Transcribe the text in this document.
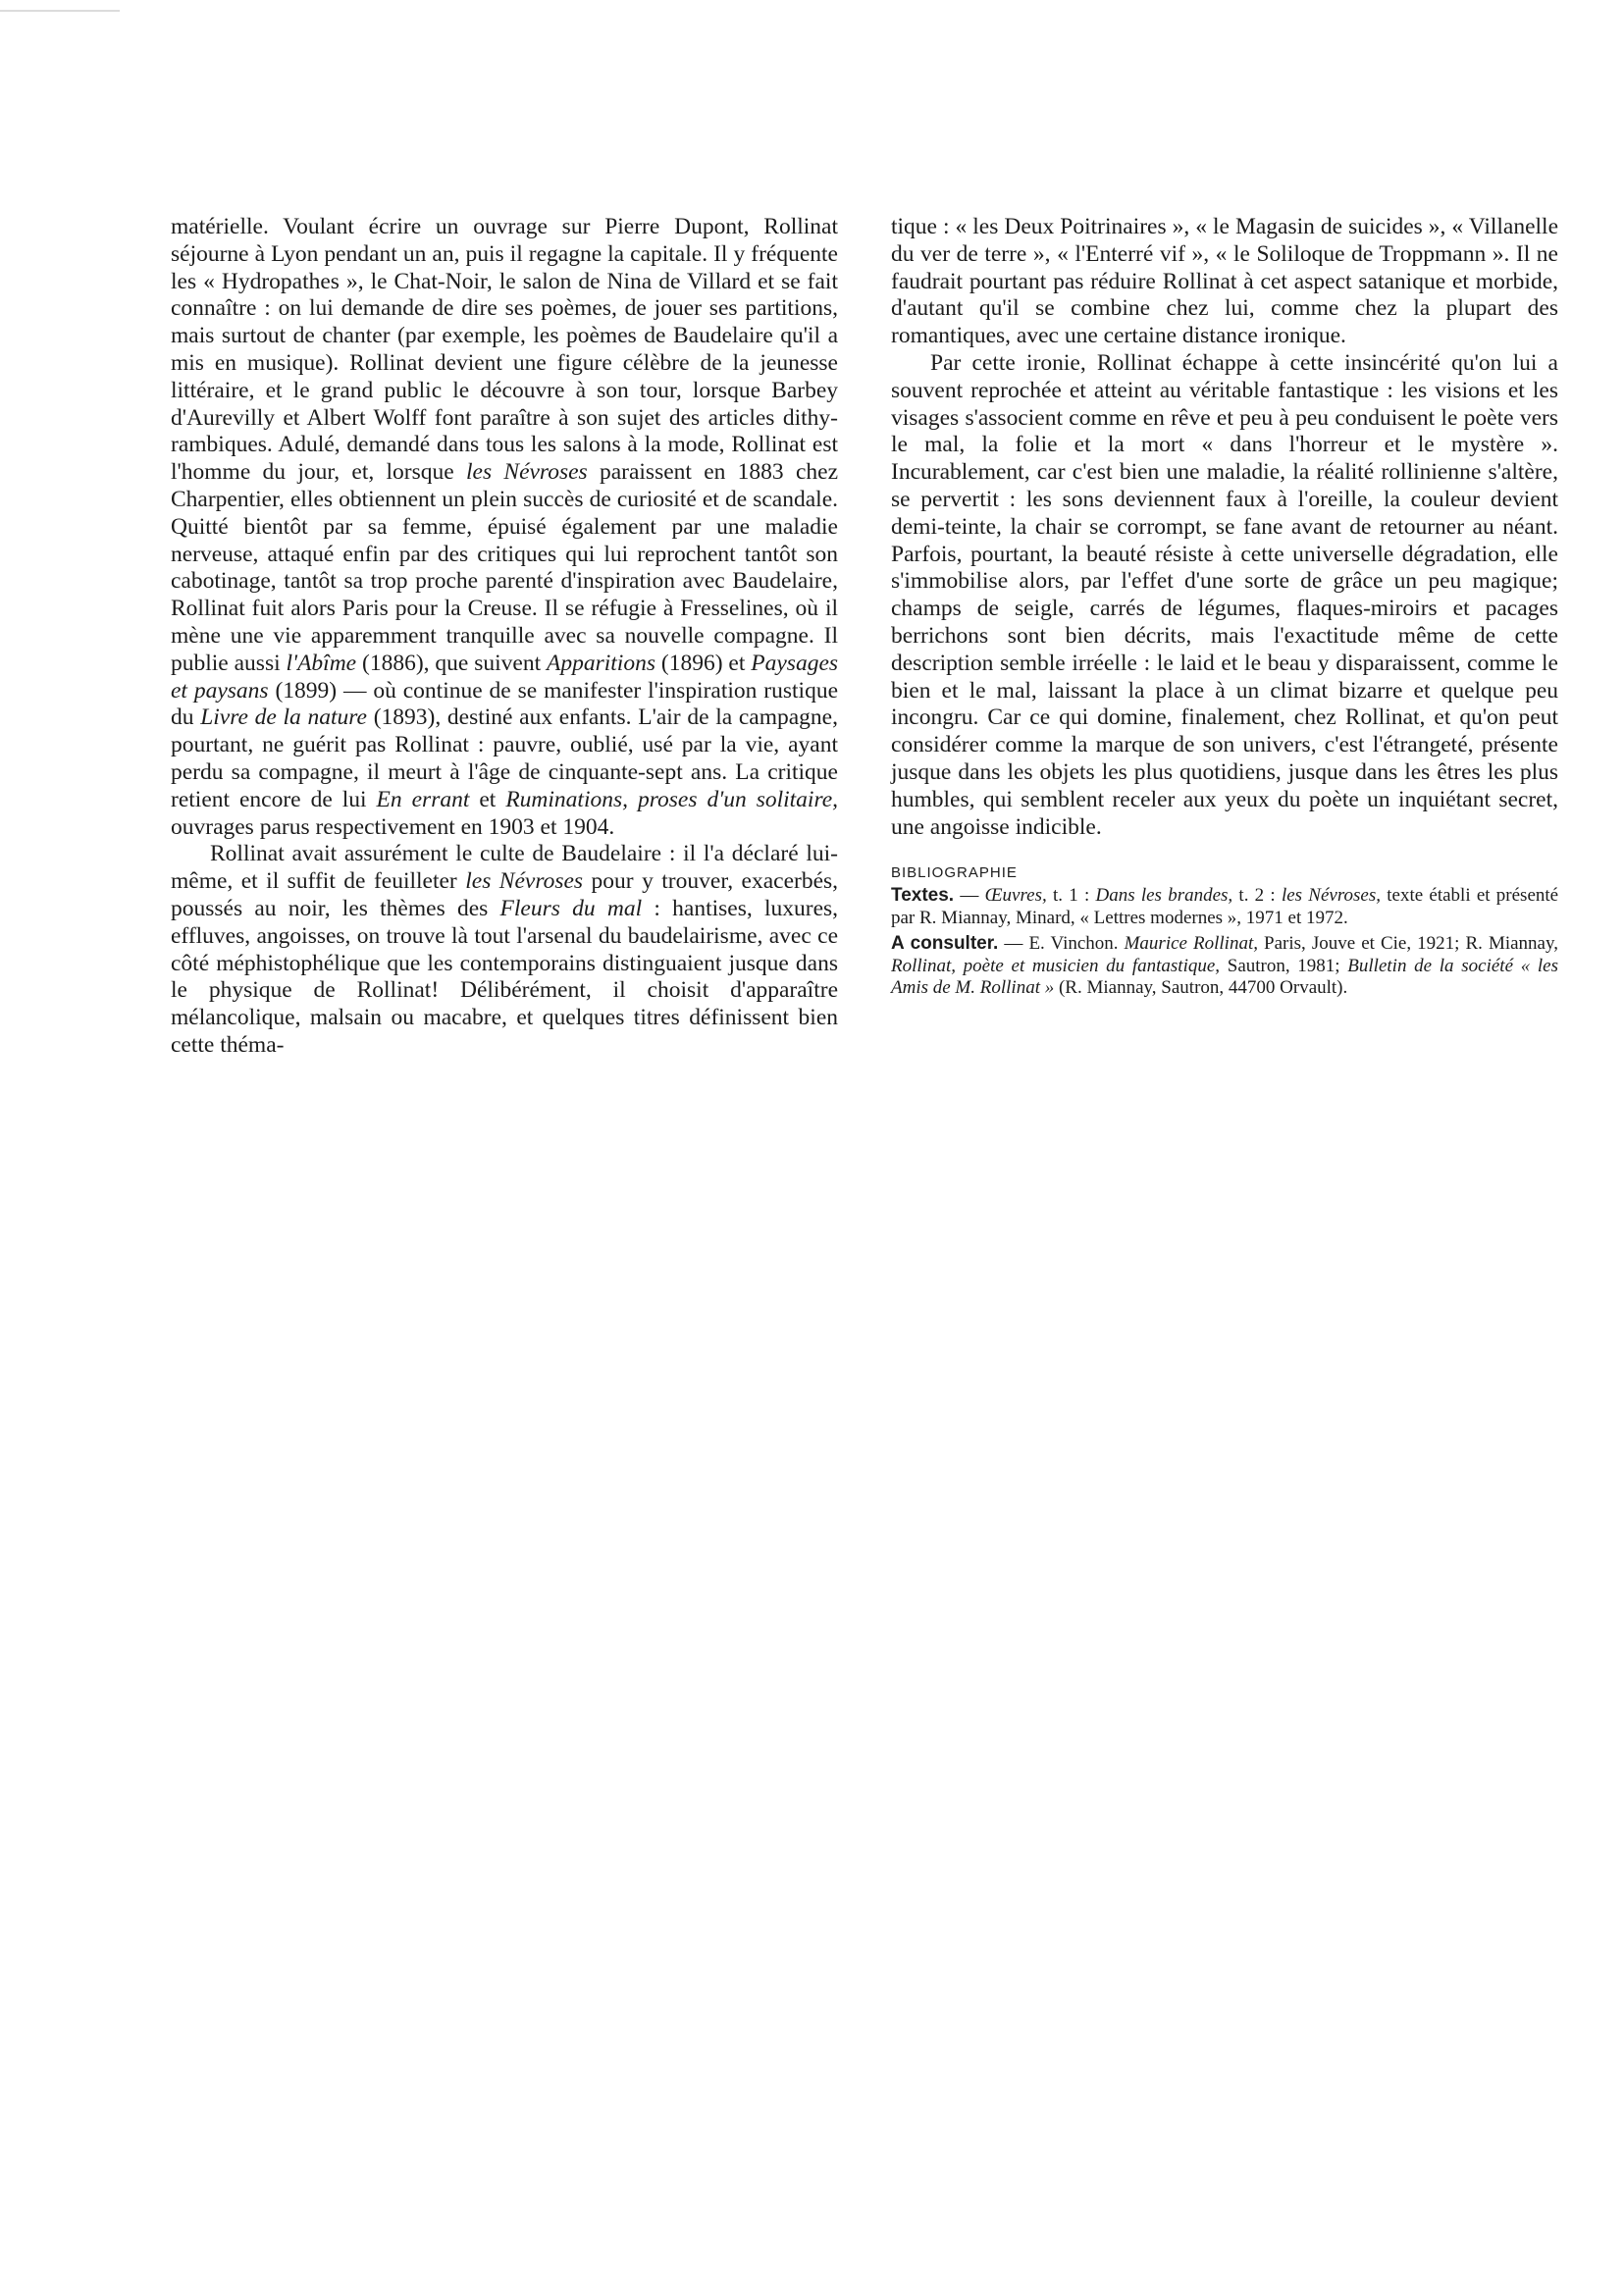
matérielle. Voulant écrire un ouvrage sur Pierre Dupont, Rollinat séjourne à Lyon pendant un an, puis il regagne la capitale. Il y fréquente les « Hydropathes », le Chat-Noir, le salon de Nina de Villard et se fait connaître : on lui demande de dire ses poèmes, de jouer ses partitions, mais surtout de chanter (par exemple, les poèmes de Baudelaire qu'il a mis en musique). Rollinat devient une figure célèbre de la jeunesse littéraire, et le grand public le découvre à son tour, lorsque Barbey d'Aurevilly et Albert Wolff font paraître à son sujet des articles dithy-rambiques. Adulé, demandé dans tous les salons à la mode, Rollinat est l'homme du jour, et, lorsque les Névroses paraissent en 1883 chez Charpentier, elles obtiennent un plein succès de curiosité et de scandale. Quitté bientôt par sa femme, épuisé également par une maladie nerveuse, attaqué enfin par des critiques qui lui reprochent tantôt son cabotinage, tantôt sa trop proche parenté d'inspiration avec Baudelaire, Rollinat fuit alors Paris pour la Creuse. Il se réfugie à Fresselines, où il mène une vie apparemment tranquille avec sa nouvelle compagne. Il publie aussi l'Abîme (1886), que suivent Apparitions (1896) et Paysages et paysans (1899) — où continue de se manifester l'inspiration rustique du Livre de la nature (1893), destiné aux enfants. L'air de la campagne, pourtant, ne guérit pas Rollinat : pauvre, oublié, usé par la vie, ayant perdu sa compagne, il meurt à l'âge de cinquante-sept ans. La critique retient encore de lui En errant et Ruminations, proses d'un solitaire, ouvrages parus respectivement en 1903 et 1904.

Rollinat avait assurément le culte de Baudelaire : il l'a déclaré lui-même, et il suffit de feuilleter les Névroses pour y trouver, exacerbés, poussés au noir, les thèmes des Fleurs du mal : hantises, luxures, effluves, angoisses, on trouve là tout l'arsenal du baudelairisme, avec ce côté méphistophélique que les contemporains distinguaient jusque dans le physique de Rollinat! Délibérément, il choisit d'apparaître mélancolique, malsain ou macabre, et quelques titres définissent bien cette théma-

tique : « les Deux Poitrinaires », « le Magasin de suicides », « Villanelle du ver de terre », « l'Enterré vif », « le Soliloque de Troppmann ». Il ne faudrait pourtant pas réduire Rollinat à cet aspect satanique et morbide, d'autant qu'il se combine chez lui, comme chez la plupart des romantiques, avec une certaine distance ironique.

Par cette ironie, Rollinat échappe à cette insincérité qu'on lui a souvent reprochée et atteint au véritable fantastique : les visions et les visages s'associent comme en rêve et peu à peu conduisent le poète vers le mal, la folie et la mort « dans l'horreur et le mystère ». Incurablement, car c'est bien une maladie, la réalité rollinienne s'altère, se pervertit : les sons deviennent faux à l'oreille, la couleur devient demi-teinte, la chair se corrompt, se fane avant de retourner au néant. Parfois, pourtant, la beauté résiste à cette universelle dégradation, elle s'immobilise alors, par l'effet d'une sorte de grâce un peu magique; champs de seigle, carrés de légumes, flaques-miroirs et pacages berrichons sont bien décrits, mais l'exactitude même de cette description semble irréelle : le laid et le beau y disparaissent, comme le bien et le mal, laissant la place à un climat bizarre et quelque peu incongru. Car ce qui domine, finalement, chez Rollinat, et qu'on peut considérer comme la marque de son univers, c'est l'étrangeté, présente jusque dans les objets les plus quotidiens, jusque dans les êtres les plus humbles, qui semblent receler aux yeux du poète un inquiétant secret, une angoisse indicible.

BIBLIOGRAPHIE

Textes. — Œuvres, t. 1 : Dans les brandes, t. 2 : les Névroses, texte établi et présenté par R. Miannay, Minard, « Lettres modernes », 1971 et 1972.

A consulter. — E. Vinchon. Maurice Rollinat, Paris, Jouve et Cie, 1921; R. Miannay, Rollinat, poète et musicien du fantastique, Sautron, 1981; Bulletin de la société « les Amis de M. Rollinat » (R. Miannay, Sautron, 44700 Orvault).
